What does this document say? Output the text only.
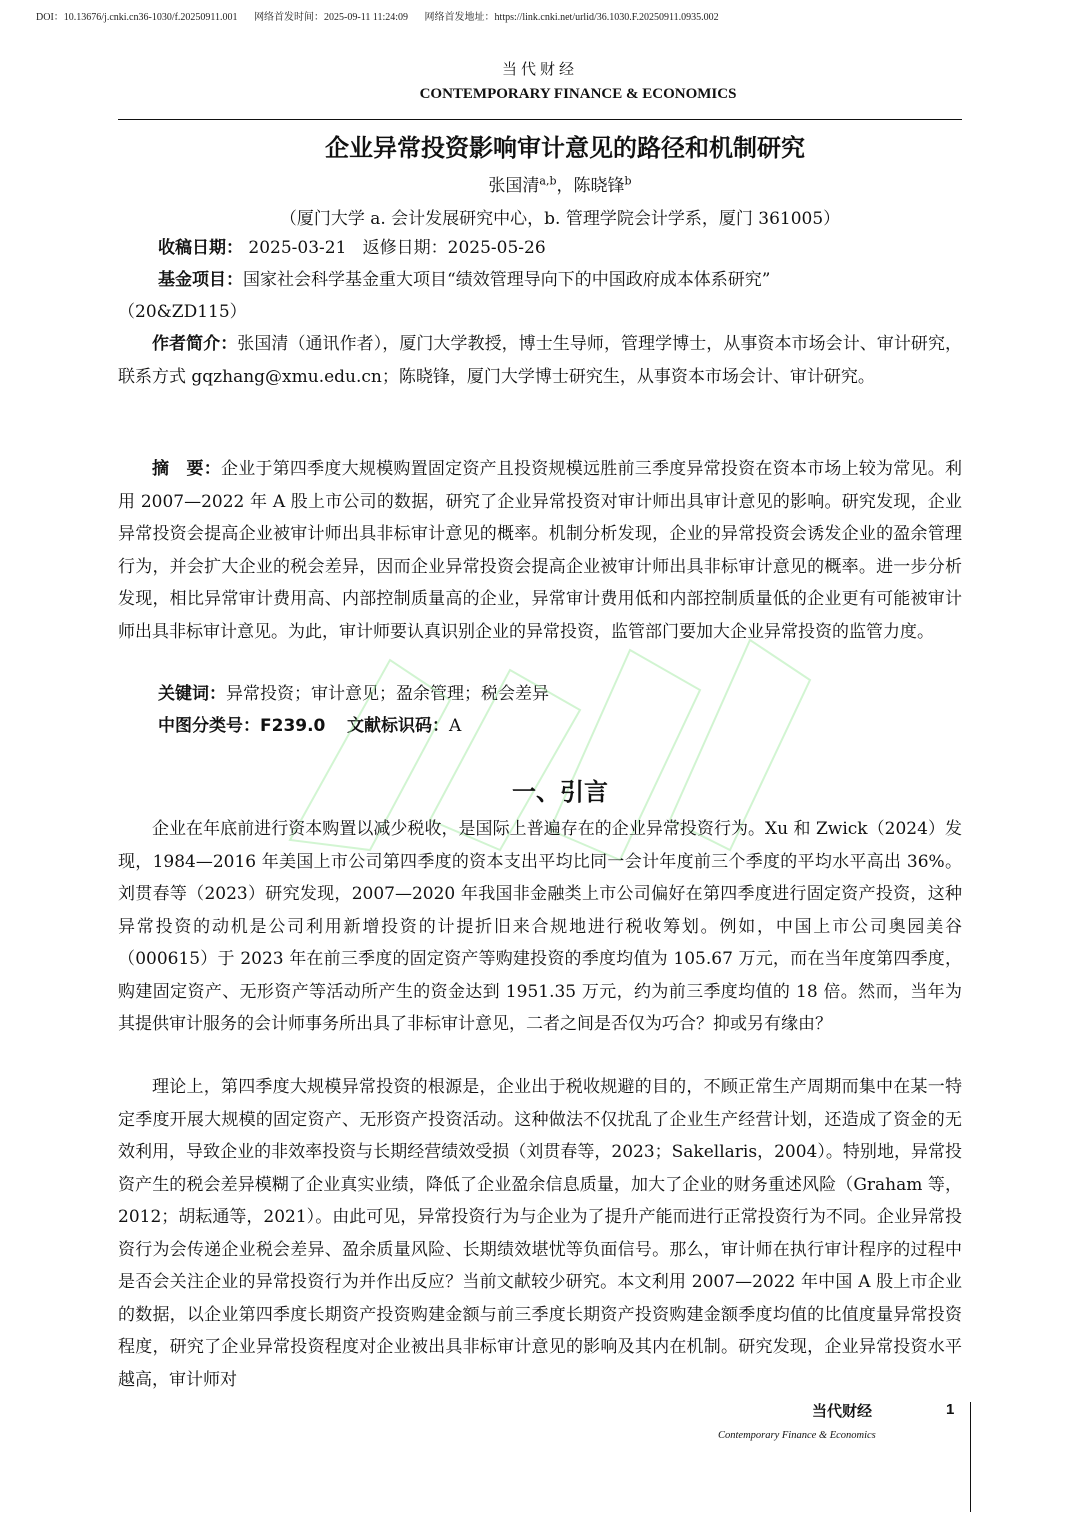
DOI：10.13676/j.cnki.cn36-1030/f.20250911.001 网络首发时间：2025-09-11 11:24:09 网络首发地址：https://link.cnki.net/urlid/36.1030.F.20250911.0935.002
当代财经
CONTEMPORARY FINANCE & ECONOMICS
企业异常投资影响审计意见的路径和机制研究
张国清$^{a,b}$，陈晓锋$^b$
（厦门大学 a. 会计发展研究中心，b. 管理学院会计学系，厦门 361005）
收稿日期： 2025-03-21 返修日期：2025-05-26
基金项目：国家社会科学基金重大项目“绩效管理导向下的中国政府成本体系研究”
（20&ZD115）
作者简介：张国清（通讯作者），厦门大学教授，博士生导师，管理学博士，从事资本市场会计、审计研究，联系方式 gqzhang@xmu.edu.cn；陈晓锋，厦门大学博士研究生，从事资本市场会计、审计研究。
摘　要：企业于第四季度大规模购置固定资产且投资规模远胜前三季度异常投资在资本市场上较为常见。利用 2007—2022 年 A 股上市公司的数据，研究了企业异常投资对审计师出具审计意见的影响。研究发现，企业异常投资会提高企业被审计师出具非标审计意见的概率。机制分析发现，企业的异常投资会诱发企业的盈余管理行为，并会扩大企业的税会差异，因而企业异常投资会提高企业被审计师出具非标审计意见的概率。进一步分析发现，相比异常审计费用高、内部控制质量高的企业，异常审计费用低和内部控制质量低的企业更有可能被审计师出具非标审计意见。为此，审计师要认真识别企业的异常投资，监管部门要加大企业异常投资的监管力度。
关键词：异常投资；审计意见；盈余管理；税会差异
中图分类号：F239.0 文献标识码：A
一、引言
企业在年底前进行资本购置以减少税收，是国际上普遍存在的企业异常投资行为。Xu 和 Zwick（2024）发现，1984—2016 年美国上市公司第四季度的资本支出平均比同一会计年度前三个季度的平均水平高出 36%。刘贯春等（2023）研究发现，2007—2020 年我国非金融类上市公司偏好在第四季度进行固定资产投资，这种异常投资的动机是公司利用新增投资的计提折旧来合规地进行税收筹划。例如，中国上市公司奥园美谷（000615）于 2023 年在前三季度的固定资产等购建投资的季度均值为 105.67 万元，而在当年度第四季度，购建固定资产、无形资产等活动所产生的资金达到 1951.35 万元，约为前三季度均值的 18 倍。然而，当年为其提供审计服务的会计师事务所出具了非标审计意见，二者之间是否仅为巧合？抑或另有缘由？
理论上，第四季度大规模异常投资的根源是，企业出于税收规避的目的，不顾正常生产周期而集中在某一特定季度开展大规模的固定资产、无形资产投资活动。这种做法不仅扰乱了企业生产经营计划，还造成了资金的无效利用，导致企业的非效率投资与长期经营绩效受损（刘贯春等，2023；Sakellaris，2004）。特别地，异常投资产生的税会差异模糊了企业真实业绩，降低了企业盈余信息质量，加大了企业的财务重述风险（Graham 等，2012；胡耘通等，2021）。由此可见，异常投资行为与企业为了提升产能而进行正常投资行为不同。企业异常投资行为会传递企业税会差异、盈余质量风险、长期绩效堪忧等负面信号。那么，审计师在执行审计程序的过程中是否会关注企业的异常投资行为并作出反应？当前文献较少研究。本文利用 2007—2022 年中国 A 股上市企业的数据，以企业第四季度长期资产投资购建金额与前三季度长期资产投资购建金额季度均值的比值度量异常投资程度，研究了企业异常投资程度对企业被出具非标审计意见的影响及其内在机制。研究发现，企业异常投资水平越高，审计师对
当代财经	1
Contemporary Finance & Economics
